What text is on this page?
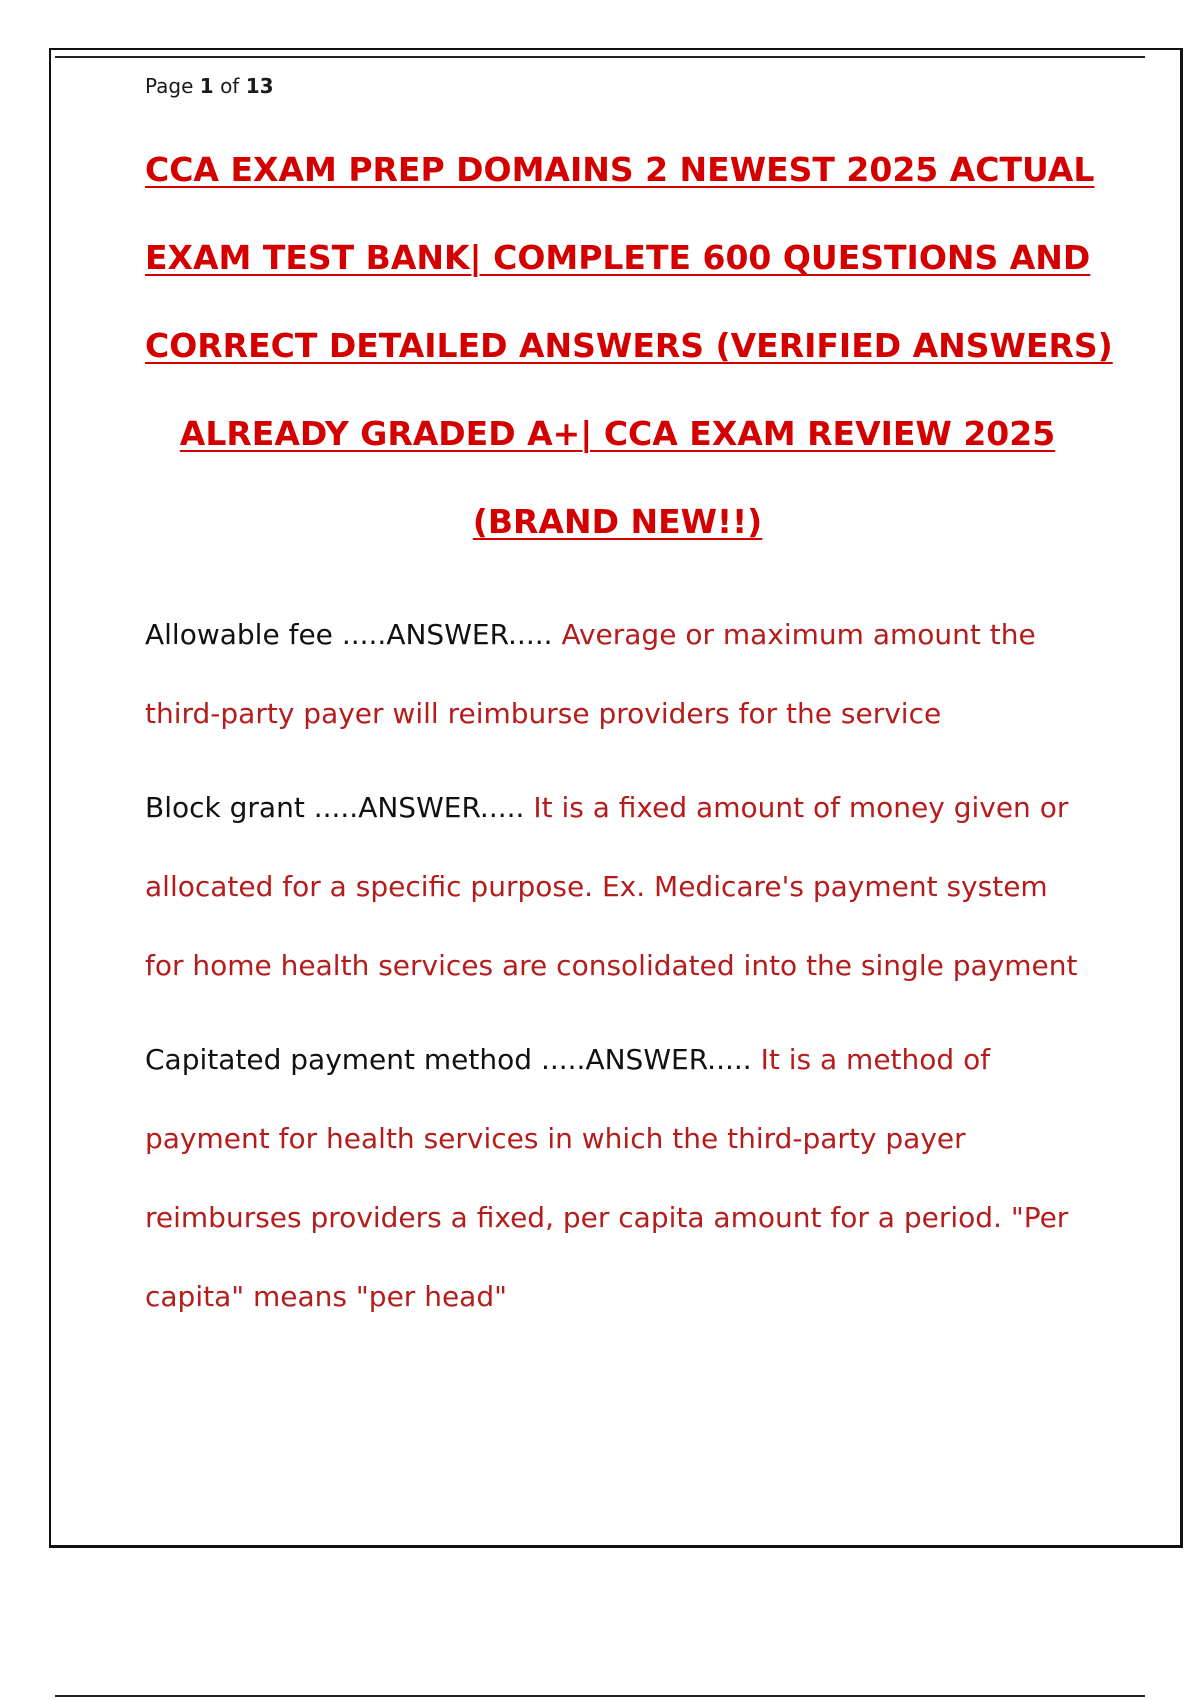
Page 1 of 13
CCA EXAM PREP DOMAINS 2 NEWEST 2025 ACTUAL
EXAM TEST BANK| COMPLETE 600 QUESTIONS AND
CORRECT DETAILED ANSWERS (VERIFIED ANSWERS)
ALREADY GRADED A+| CCA EXAM REVIEW 2025
(BRAND NEW!!)

Allowable fee .....ANSWER..... Average or maximum amount the third-party payer will reimburse providers for the service

Block grant .....ANSWER..... It is a fixed amount of money given or allocated for a specific purpose. Ex. Medicare's payment system for home health services are consolidated into the single payment

Capitated payment method .....ANSWER..... It is a method of payment for health services in which the third-party payer reimburses providers a fixed, per capita amount for a period. "Per capita" means "per head"
